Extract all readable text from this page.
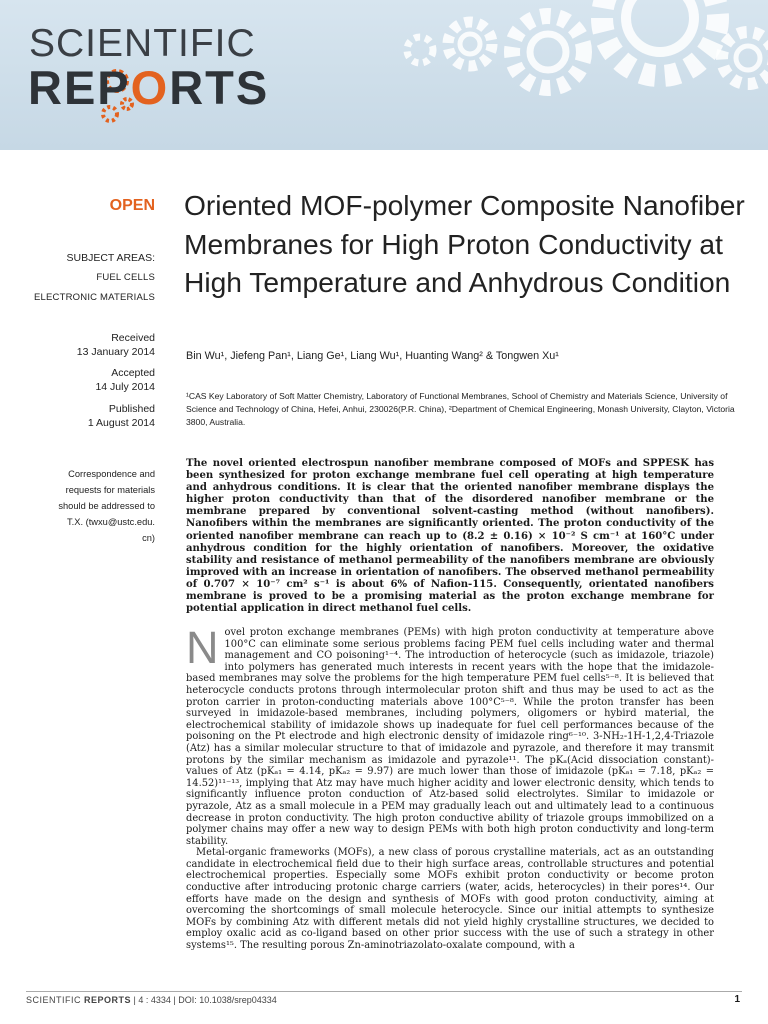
SCIENTIFIC
REPORTS
OPEN
SUBJECT AREAS:
FUEL CELLS
ELECTRONIC MATERIALS
Received
13 January 2014
Accepted
14 July 2014
Published
1 August 2014
Correspondence and
requests for materials
should be addressed to
T.X. (twxu@ustc.edu.
cn)
Oriented MOF-polymer Composite Nanofiber Membranes for High Proton Conductivity at High Temperature and Anhydrous Condition
Bin Wu¹, Jiefeng Pan¹, Liang Ge¹, Liang Wu¹, Huanting Wang² & Tongwen Xu¹
¹CAS Key Laboratory of Soft Matter Chemistry, Laboratory of Functional Membranes, School of Chemistry and Materials Science, University of Science and Technology of China, Hefei, Anhui, 230026(P.R. China), ²Department of Chemical Engineering, Monash University, Clayton, Victoria 3800, Australia.
The novel oriented electrospun nanofiber membrane composed of MOFs and SPPESK has been synthesized for proton exchange membrane fuel cell operating at high temperature and anhydrous conditions. It is clear that the oriented nanofiber membrane displays the higher proton conductivity than that of the disordered nanofiber membrane or the membrane prepared by conventional solvent-casting method (without nanofibers). Nanofibers within the membranes are significantly oriented. The proton conductivity of the oriented nanofiber membrane can reach up to (8.2 ± 0.16) × 10⁻² S cm⁻¹ at 160°C under anhydrous condition for the highly orientation of nanofibers. Moreover, the oxidative stability and resistance of methanol permeability of the nanofibers membrane are obviously improved with an increase in orientation of nanofibers. The observed methanol permeability of 0.707 × 10⁻⁷ cm² s⁻¹ is about 6% of Nafion-115. Consequently, orientated nanofibers membrane is proved to be a promising material as the proton exchange membrane for potential application in direct methanol fuel cells.

Novel proton exchange membranes (PEMs) with high proton conductivity at temperature above 100°C can eliminate some serious problems facing PEM fuel cells including water and thermal management and CO poisoning¹⁻⁴. The introduction of heterocycle (such as imidazole, triazole) into polymers has generated much interests in recent years with the hope that the imidazole-based membranes may solve the problems for the high temperature PEM fuel cells⁵⁻⁸. It is believed that heterocycle conducts protons through intermolecular proton shift and thus may be used to act as the proton carrier in proton-conducting materials above 100°C⁵⁻⁸. While the proton transfer has been surveyed in imidazole-based membranes, including polymers, oligomers or hybird material, the electrochemical stability of imidazole shows up inadequate for fuel cell performances because of the poisoning on the Pt electrode and high electronic density of imidazole ring⁶⁻¹⁰. 3-NH₂-1H-1,2,4-Triazole (Atz) has a similar molecular structure to that of imidazole and pyrazole, and therefore it may transmit protons by the similar mechanism as imidazole and pyrazole¹¹. The pKₐ(Acid dissociation constant)-values of Atz (pKₐ₁ = 4.14, pKₐ₂ = 9.97) are much lower than those of imidazole (pKₐ₁ = 7.18, pKₐ₂ = 14.52)¹¹⁻¹³, implying that Atz may have much higher acidity and lower electronic density, which tends to significantly influence proton conduction of Atz-based solid electrolytes. Similar to imidazole or pyrazole, Atz as a small molecule in a PEM may gradually leach out and ultimately lead to a continuous decrease in proton conductivity. The high proton conductive ability of triazole groups immobilized on a polymer chains may offer a new way to design PEMs with both high proton conductivity and long-term stability.

Metal-organic frameworks (MOFs), a new class of porous crystalline materials, act as an outstanding candidate in electrochemical field due to their high surface areas, controllable structures and potential electrochemical properties. Especially some MOFs exhibit proton conductivity or become proton conductive after introducing protonic charge carriers (water, acids, heterocycles) in their pores¹⁴. Our efforts have made on the design and synthesis of MOFs with good proton conductivity, aiming at overcoming the shortcomings of small molecule heterocycle. Since our initial attempts to synthesize MOFs by combining Atz with different metals did not yield highly crystalline structures, we decided to employ oxalic acid as co-ligand based on other prior success with the use of such a strategy in other systems¹⁵. The resulting porous Zn-aminotriazolato-oxalate compound, with a

SCIENTIFIC REPORTS | 4 : 4334 | DOI: 10.1038/srep04334	1
